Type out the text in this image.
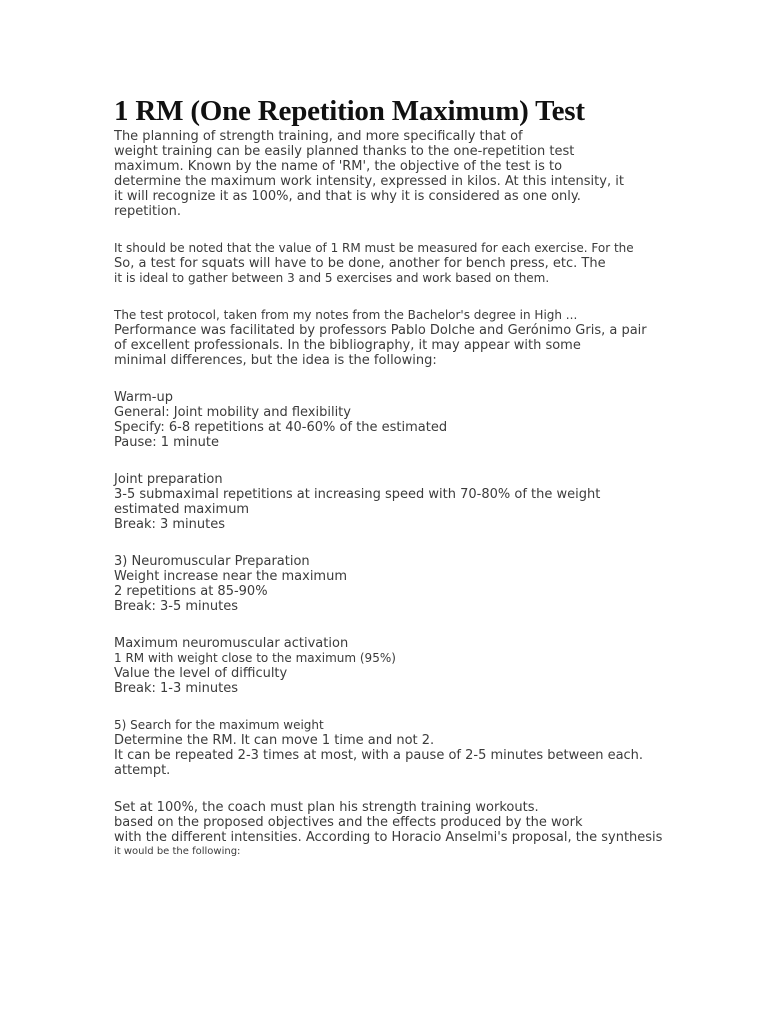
1 RM (One Repetition Maximum) Test

The planning of strength training, and more specifically that of
weight training can be easily planned thanks to the one-repetition test
maximum. Known by the name of 'RM', the objective of the test is to
determine the maximum work intensity, expressed in kilos. At this intensity, it
it will recognize it as 100%, and that is why it is considered as one only.
repetition.

It should be noted that the value of 1 RM must be measured for each exercise. For the
So, a test for squats will have to be done, another for bench press, etc. The
it is ideal to gather between 3 and 5 exercises and work based on them.

The test protocol, taken from my notes from the Bachelor's degree in High ...
Performance was facilitated by professors Pablo Dolche and Gerónimo Gris, a pair
of excellent professionals. In the bibliography, it may appear with some
minimal differences, but the idea is the following:

Warm-up
General: Joint mobility and flexibility
Specify: 6-8 repetitions at 40-60% of the estimated
Pause: 1 minute

Joint preparation
3-5 submaximal repetitions at increasing speed with 70-80% of the weight
estimated maximum
Break: 3 minutes

3) Neuromuscular Preparation
Weight increase near the maximum
2 repetitions at 85-90%
Break: 3-5 minutes

Maximum neuromuscular activation
1 RM with weight close to the maximum (95%)
Value the level of difficulty
Break: 1-3 minutes

5) Search for the maximum weight
Determine the RM. It can move 1 time and not 2.
It can be repeated 2-3 times at most, with a pause of 2-5 minutes between each.
attempt.

Set at 100%, the coach must plan his strength training workouts.
based on the proposed objectives and the effects produced by the work
with the different intensities. According to Horacio Anselmi's proposal, the synthesis
it would be the following:
